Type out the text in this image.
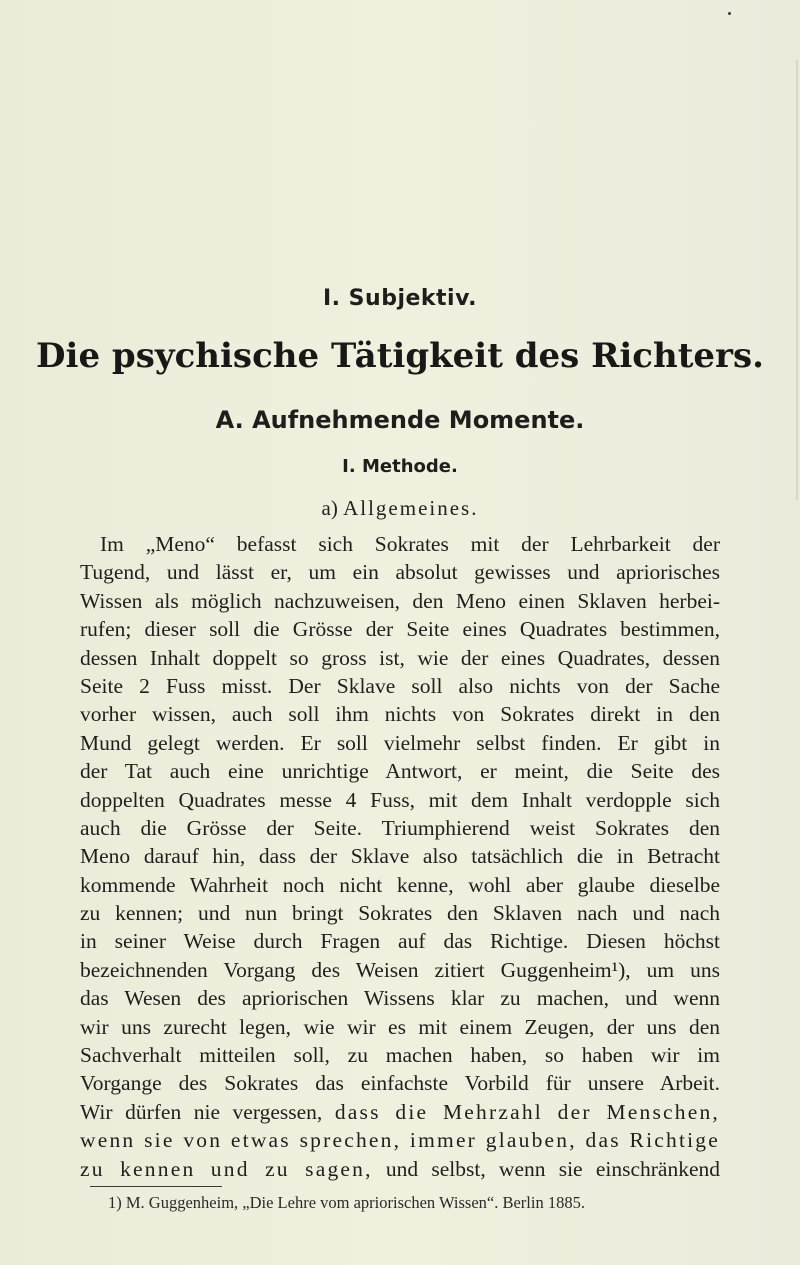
I. Subjektiv.
Die psychische Tätigkeit des Richters.
A. Aufnehmende Momente.
I. Methode.
a) Allgemeines.
Im „Meno“ befasst sich Sokrates mit der Lehrbarkeit der
Tugend, und lässt er, um ein absolut gewisses und apriorisches
Wissen als möglich nachzuweisen, den Meno einen Sklaven herbei-
rufen; dieser soll die Grösse der Seite eines Quadrates bestimmen,
dessen Inhalt doppelt so gross ist, wie der eines Quadrates, dessen
Seite 2 Fuss misst. Der Sklave soll also nichts von der Sache
vorher wissen, auch soll ihm nichts von Sokrates direkt in den
Mund gelegt werden. Er soll vielmehr selbst finden. Er gibt in
der Tat auch eine unrichtige Antwort, er meint, die Seite des
doppelten Quadrates messe 4 Fuss, mit dem Inhalt verdopple sich
auch die Grösse der Seite. Triumphierend weist Sokrates den
Meno darauf hin, dass der Sklave also tatsächlich die in Betracht
kommende Wahrheit noch nicht kenne, wohl aber glaube dieselbe
zu kennen; und nun bringt Sokrates den Sklaven nach und nach
in seiner Weise durch Fragen auf das Richtige. Diesen höchst
bezeichnenden Vorgang des Weisen zitiert Guggenheim¹), um uns
das Wesen des apriorischen Wissens klar zu machen, und wenn
wir uns zurecht legen, wie wir es mit einem Zeugen, der uns den
Sachverhalt mitteilen soll, zu machen haben, so haben wir im
Vorgange des Sokrates das einfachste Vorbild für unsere Arbeit.
Wir dürfen nie vergessen, dass die Mehrzahl der Menschen,
wenn sie von etwas sprechen, immer glauben, das Richtige
zu kennen und zu sagen, und selbst, wenn sie einschränkend
1) M. Guggenheim, „Die Lehre vom apriorischen Wissen“. Berlin 1885.
